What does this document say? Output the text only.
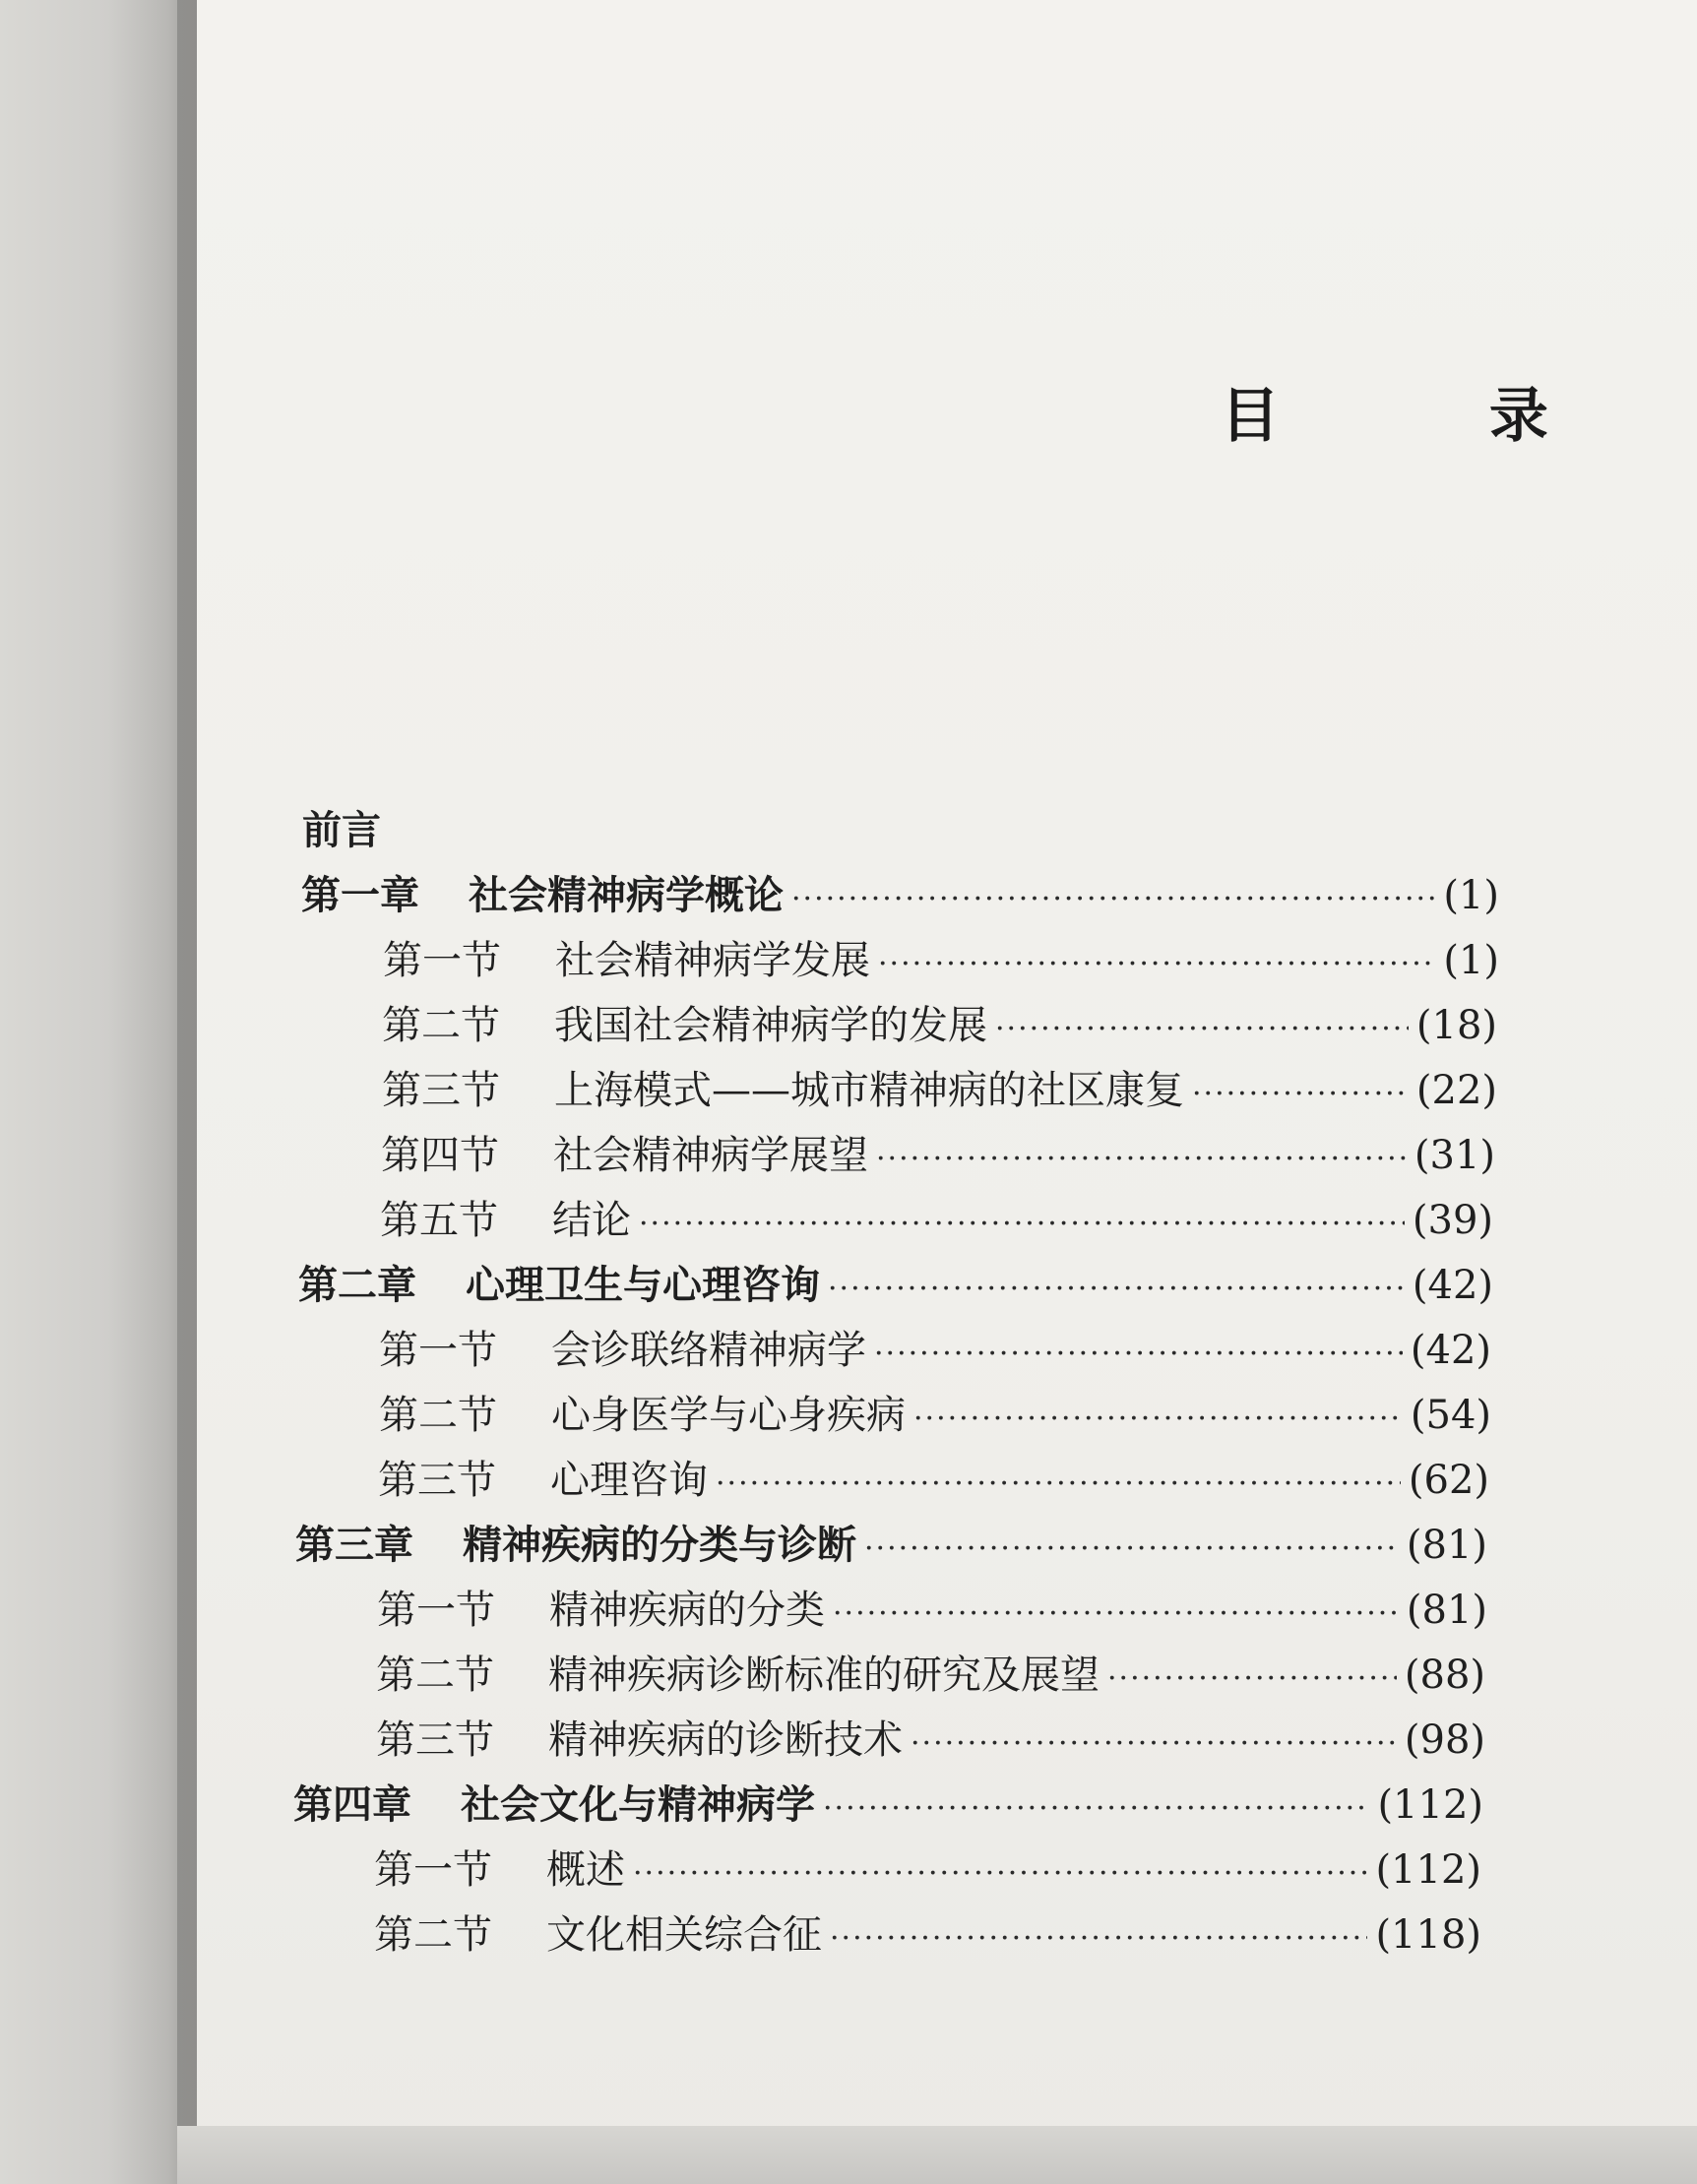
目 录
前言
第一章	社会精神病学概论 ·····	(1)
第一节	社会精神病学发展 ·····	(1)
第二节	我国社会精神病学的发展 ·····	(18)
第三节	上海模式——城市精神病的社区康复 ·····	(22)
第四节	社会精神病学展望 ·····	(31)
第五节	结论 ·····	(39)
第二章	心理卫生与心理咨询 ·····	(42)
第一节	会诊联络精神病学 ·····	(42)
第二节	心身医学与心身疾病 ·····	(54)
第三节	心理咨询 ·····	(62)
第三章	精神疾病的分类与诊断 ·····	(81)
第一节	精神疾病的分类 ·····	(81)
第二节	精神疾病诊断标准的研究及展望 ·····	(88)
第三节	精神疾病的诊断技术 ·····	(98)
第四章	社会文化与精神病学 ·····	(112)
第一节	概述 ·····	(112)
第二节	文化相关综合征 ·····	(118)
